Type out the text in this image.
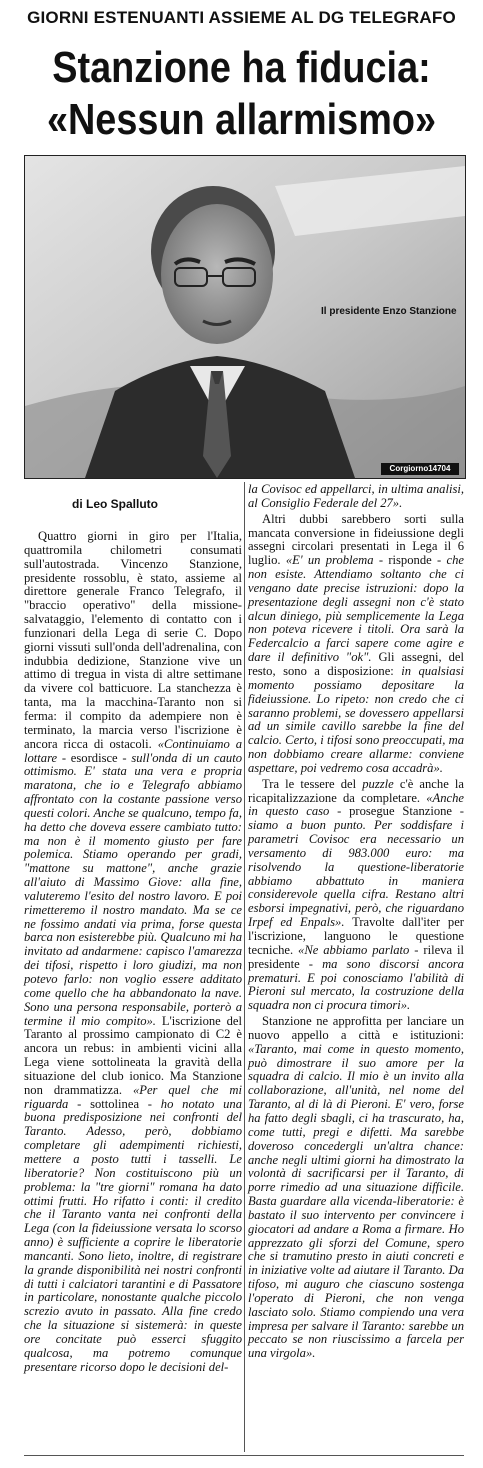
GIORNI ESTENUANTI ASSIEME AL DG TELEGRAFO
Stanzione ha fiducia:
«Nessun allarmismo»
Il presidente Enzo Stanzione
Corgiorno14704
di Leo Spalluto

Quattro giorni in giro per l'Italia, quattromila chilometri consumati sull'autostrada. Vincenzo Stanzione, presidente rossoblu, è stato, assieme al direttore generale Franco Telegrafo, il "braccio operativo" della missione-salvataggio, l'elemento di contatto con i funzionari della Lega di serie C. Dopo giorni vissuti sull'onda dell'adrenalina, con indubbia dedizione, Stanzione vive un attimo di tregua in vista di altre settimane da vivere col batticuore. La stanchezza è tanta, ma la macchina-Taranto non si ferma: il compito da adempiere non è terminato, la marcia verso l'iscrizione è ancora ricca di ostacoli. «Continuiamo a lottare - esordisce - sull'onda di un cauto ottimismo. E' stata una vera e propria maratona, che io e Telegrafo abbiamo affrontato con la costante passione verso questi colori. Anche se qualcuno, tempo fa, ha detto che doveva essere cambiato tutto: ma non è il momento giusto per fare polemica. Stiamo operando per gradi, "mattone su mattone", anche grazie all'aiuto di Massimo Giove: alla fine, valuteremo l'esito del nostro lavoro. E poi rimetteremo il nostro mandato. Ma se ce ne fossimo andati via prima, forse questa barca non esisterebbe più. Qualcuno mi ha invitato ad andarmene: capisco l'amarezza dei tifosi, rispetto i loro giudizi, ma non potevo farlo: non voglio essere additato come quello che ha abbandonato la nave. Sono una persona responsabile, porterò a termine il mio compito». L'iscrizione del Taranto al prossimo campionato di C2 è ancora un rebus: in ambienti vicini alla Lega viene sottolineata la gravità della situazione del club ionico. Ma Stanzione non drammatizza. «Per quel che mi riguarda - sottolinea - ho notato una buona predisposizione nei confronti del Taranto. Adesso, però, dobbiamo completare gli adempimenti richiesti, mettere a posto tutti i tasselli. Le liberatorie? Non costituiscono più un problema: la "tre giorni" romana ha dato ottimi frutti. Ho rifatto i conti: il credito che il Taranto vanta nei confronti della Lega (con la fideiussione versata lo scorso anno) è sufficiente a coprire le liberatorie mancanti. Sono lieto, inoltre, di registrare la grande disponibilità nei nostri confronti di tutti i calciatori tarantini e di Passatore in particolare, nonostante qualche piccolo screzio avuto in passato. Alla fine credo che la situazione si sistemerà: in queste ore concitate può esserci sfuggito qualcosa, ma potremo comunque presentare ricorso dopo le decisioni del-

la Covisoc ed appellarci, in ultima analisi, al Consiglio Federale del 27».

Altri dubbi sarebbero sorti sulla mancata conversione in fideiussione degli assegni circolari presentati in Lega il 6 luglio. «E' un problema - risponde - che non esiste. Attendiamo soltanto che ci vengano date precise istruzioni: dopo la presentazione degli assegni non c'è stato alcun diniego, più semplicemente la Lega non poteva ricevere i titoli. Ora sarà la Federcalcio a farci sapere come agire e dare il definitivo "ok". Gli assegni, del resto, sono a disposizione: in qualsiasi momento possiamo depositare la fideiussione. Lo ripeto: non credo che ci saranno problemi, se dovessero appellarsi ad un simile cavillo sarebbe la fine del calcio. Certo, i tifosi sono preoccupati, ma non dobbiamo creare allarme: conviene aspettare, poi vedremo cosa accadrà».

Tra le tessere del puzzle c'è anche la ricapitalizzazione da completare. «Anche in questo caso - prosegue Stanzione - siamo a buon punto. Per soddisfare i parametri Covisoc era necessario un versamento di 983.000 euro: ma risolvendo la questione-liberatorie abbiamo abbattuto in maniera considerevole quella cifra. Restano altri esborsi impegnativi, però, che riguardano Irpef ed Enpals». Travolte dall'iter per l'iscrizione, languono le questione tecniche. «Ne abbiamo parlato - rileva il presidente - ma sono discorsi ancora prematuri. E poi conosciamo l'abilità di Pieroni sul mercato, la costruzione della squadra non ci procura timori».

Stanzione ne approfitta per lanciare un nuovo appello a città e istituzioni: «Taranto, mai come in questo momento, può dimostrare il suo amore per la squadra di calcio. Il mio è un invito alla collaborazione, all'unità, nel nome del Taranto, al di là di Pieroni. E' vero, forse ha fatto degli sbagli, ci ha trascurato, ha, come tutti, pregi e difetti. Ma sarebbe doveroso concedergli un'altra chance: anche negli ultimi giorni ha dimostrato la volontà di sacrificarsi per il Taranto, di porre rimedio ad una situazione difficile. Basta guardare alla vicenda-liberatorie: è bastato il suo intervento per convincere i giocatori ad andare a Roma a firmare. Ho apprezzato gli sforzi del Comune, spero che si tramutino presto in aiuti concreti e in iniziative volte ad aiutare il Taranto. Da tifoso, mi auguro che ciascuno sostenga l'operato di Pieroni, che non venga lasciato solo. Stiamo compiendo una vera impresa per salvare il Taranto: sarebbe un peccato se non riuscissimo a farcela per una virgola».
